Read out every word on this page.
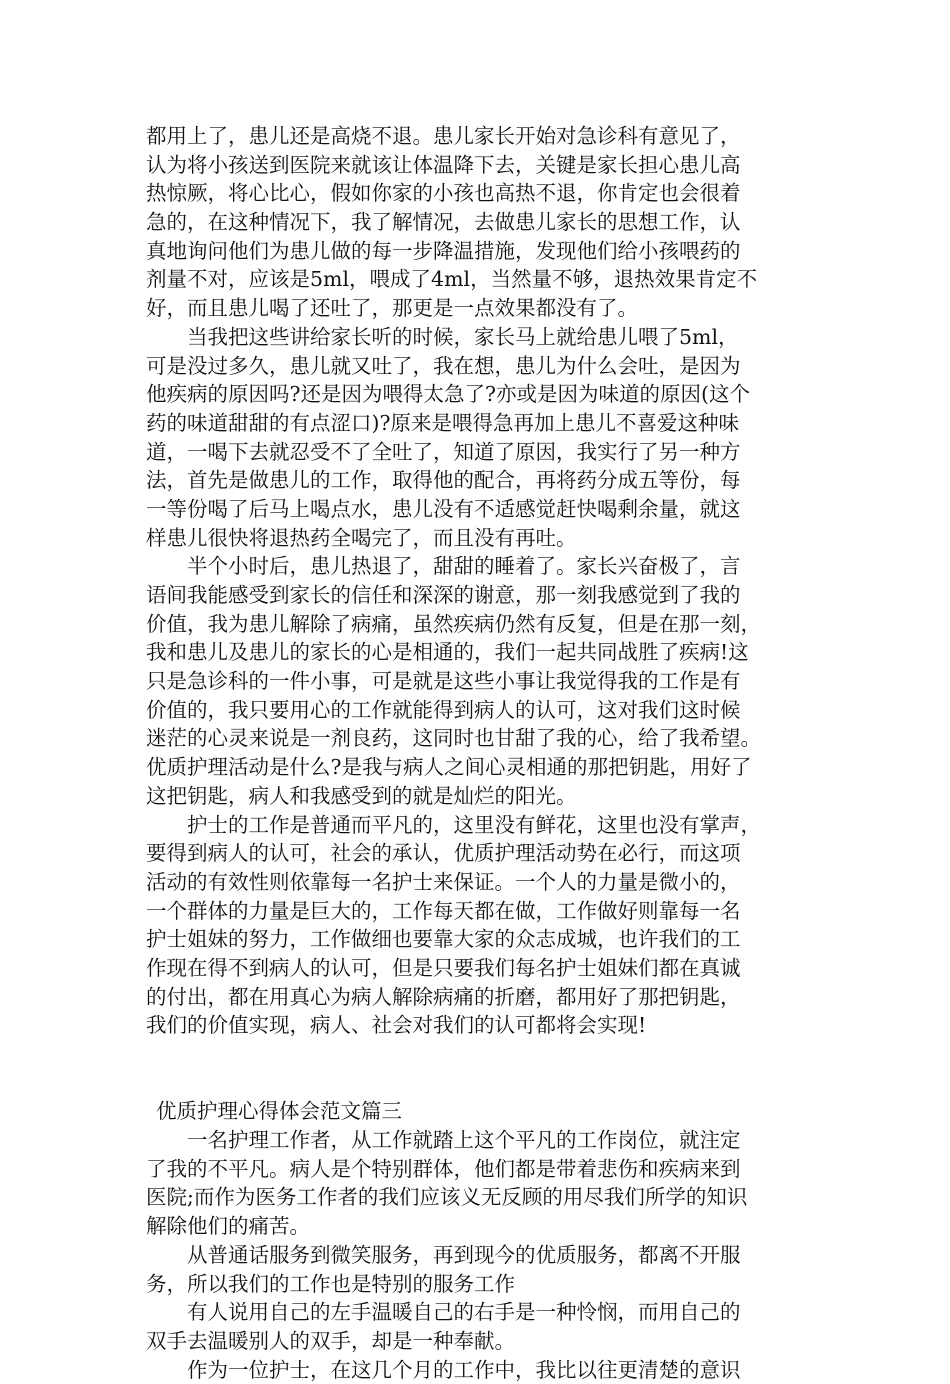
都用上了，患儿还是高烧不退。患儿家长开始对急诊科有意见了，
认为将小孩送到医院来就该让体温降下去，关键是家长担心患儿高
热惊厥，将心比心，假如你家的小孩也高热不退，你肯定也会很着
急的，在这种情况下，我了解情况，去做患儿家长的思想工作，认
真地询问他们为患儿做的每一步降温措施，发现他们给小孩喂药的
剂量不对，应该是5ml，喂成了4ml，当然量不够，退热效果肯定不
好，而且患儿喝了还吐了，那更是一点效果都没有了。
　　当我把这些讲给家长听的时候，家长马上就给患儿喂了5ml，
可是没过多久，患儿就又吐了，我在想，患儿为什么会吐，是因为
他疾病的原因吗?还是因为喂得太急了?亦或是因为味道的原因(这个
药的味道甜甜的有点涩口)?原来是喂得急再加上患儿不喜爱这种味
道，一喝下去就忍受不了全吐了，知道了原因，我实行了另一种方
法，首先是做患儿的工作，取得他的配合，再将药分成五等份，每
一等份喝了后马上喝点水，患儿没有不适感觉赶快喝剩余量，就这
样患儿很快将退热药全喝完了，而且没有再吐。
　　半个小时后，患儿热退了，甜甜的睡着了。家长兴奋极了，言
语间我能感受到家长的信任和深深的谢意，那一刻我感觉到了我的
价值，我为患儿解除了病痛，虽然疾病仍然有反复，但是在那一刻，
我和患儿及患儿的家长的心是相通的，我们一起共同战胜了疾病!这
只是急诊科的一件小事，可是就是这些小事让我觉得我的工作是有
价值的，我只要用心的工作就能得到病人的认可，这对我们这时候
迷茫的心灵来说是一剂良药，这同时也甘甜了我的心，给了我希望。
优质护理活动是什么?是我与病人之间心灵相通的那把钥匙，用好了
这把钥匙，病人和我感受到的就是灿烂的阳光。
　　护士的工作是普通而平凡的，这里没有鲜花，这里也没有掌声，
要得到病人的认可，社会的承认，优质护理活动势在必行，而这项
活动的有效性则依靠每一名护士来保证。一个人的力量是微小的，
一个群体的力量是巨大的，工作每天都在做，工作做好则靠每一名
护士姐妹的努力，工作做细也要靠大家的众志成城，也许我们的工
作现在得不到病人的认可，但是只要我们每名护士姐妹们都在真诚
的付出，都在用真心为病人解除病痛的折磨，都用好了那把钥匙，
我们的价值实现，病人、社会对我们的认可都将会实现!
优质护理心得体会范文篇三
　　一名护理工作者，从工作就踏上这个平凡的工作岗位，就注定
了我的不平凡。病人是个特别群体，他们都是带着悲伤和疾病来到
医院;而作为医务工作者的我们应该义无反顾的用尽我们所学的知识
解除他们的痛苦。
　　从普通话服务到微笑服务，再到现今的优质服务，都离不开服
务，所以我们的工作也是特别的服务工作
　　有人说用自己的左手温暖自己的右手是一种怜悯，而用自己的
双手去温暖别人的双手，却是一种奉献。
　　作为一位护士，在这几个月的工作中，我比以往更清楚的意识
